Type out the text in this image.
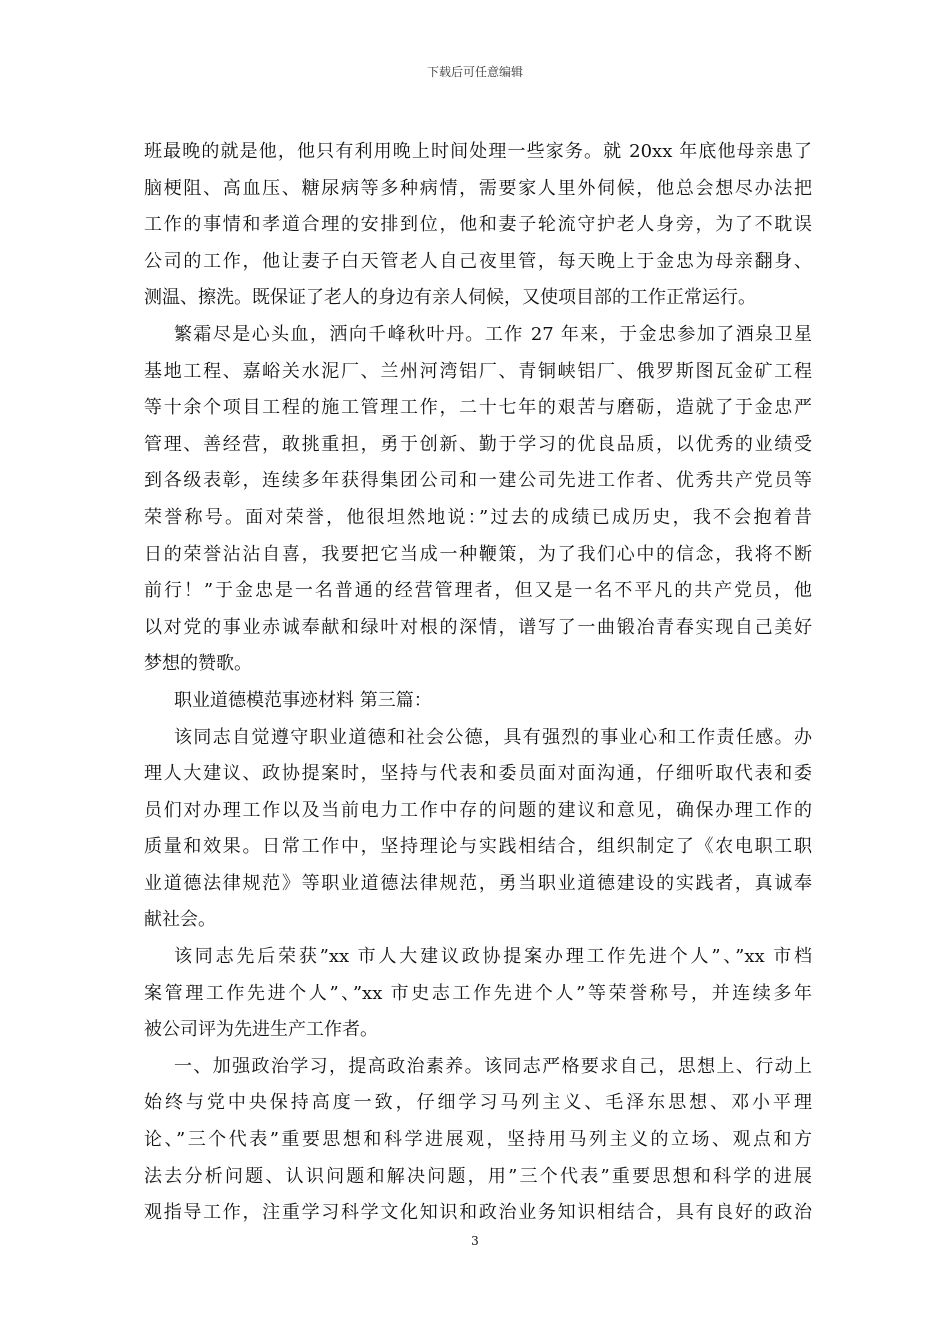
下载后可任意编辑
班最晚的就是他，他只有利用晚上时间处理一些家务。就 20xx 年底他母亲患了
脑梗阻、高血压、糖尿病等多种病情，需要家人里外伺候，他总会想尽办法把
工作的事情和孝道合理的安排到位，他和妻子轮流守护老人身旁，为了不耽误
公司的工作，他让妻子白天管老人自己夜里管，每天晚上于金忠为母亲翻身、
测温、擦洗。既保证了老人的身边有亲人伺候，又使项目部的工作正常运行。
繁霜尽是心头血，洒向千峰秋叶丹。工作 27 年来，于金忠参加了酒泉卫星
基地工程、嘉峪关水泥厂、兰州河湾铝厂、青铜峡铝厂、俄罗斯图瓦金矿工程
等十余个项目工程的施工管理工作，二十七年的艰苦与磨砺，造就了于金忠严
管理、善经营，敢挑重担，勇于创新、勤于学习的优良品质，以优秀的业绩受
到各级表彰，连续多年获得集团公司和一建公司先进工作者、优秀共产党员等
荣誉称号。面对荣誉，他很坦然地说：”过去的成绩已成历史，我不会抱着昔
日的荣誉沾沾自喜，我要把它当成一种鞭策，为了我们心中的信念，我将不断
前行！”于金忠是一名普通的经营管理者，但又是一名不平凡的共产党员，他
以对党的事业赤诚奉献和绿叶对根的深情，谱写了一曲锻冶青春实现自己美好
梦想的赞歌。
职业道德模范事迹材料 第三篇：
该同志自觉遵守职业道德和社会公德，具有强烈的事业心和工作责任感。办
理人大建议、政协提案时，坚持与代表和委员面对面沟通，仔细听取代表和委
员们对办理工作以及当前电力工作中存的问题的建议和意见，确保办理工作的
质量和效果。日常工作中，坚持理论与实践相结合，组织制定了《农电职工职
业道德法律规范》等职业道德法律规范，勇当职业道德建设的实践者，真诚奉
献社会。
该同志先后荣获”xx 市人大建议政协提案办理工作先进个人”、”xx 市档
案管理工作先进个人”、”xx 市史志工作先进个人”等荣誉称号，并连续多年
被公司评为先进生产工作者。
一、加强政治学习，提高政治素养。该同志严格要求自己，思想上、行动上
始终与党中央保持高度一致，仔细学习马列主义、毛泽东思想、邓小平理
论、”三个代表”重要思想和科学进展观，坚持用马列主义的立场、观点和方
法去分析问题、认识问题和解决问题，用”三个代表”重要思想和科学的进展
观指导工作，注重学习科学文化知识和政治业务知识相结合，具有良好的政治
3
